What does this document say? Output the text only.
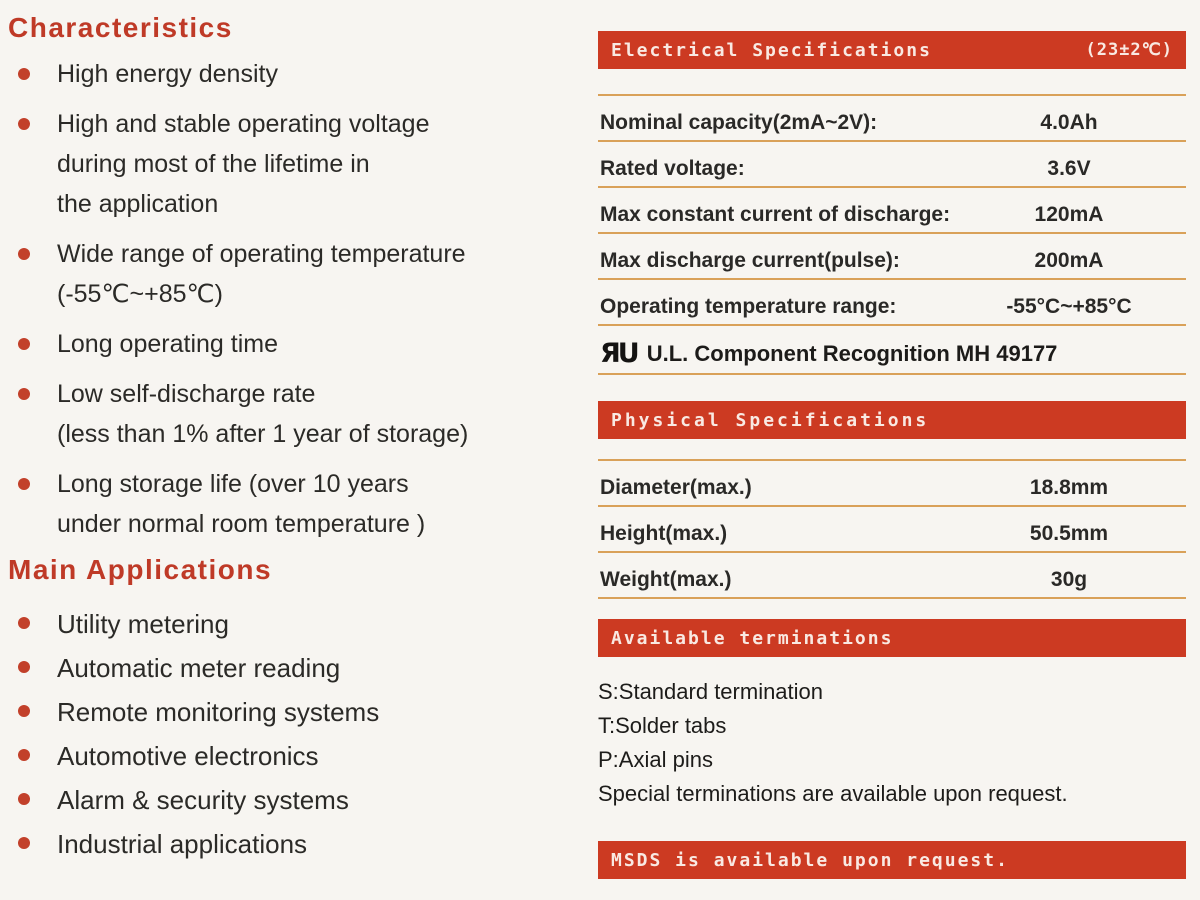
Characteristics
High energy density
High and stable operating voltage
during most of the lifetime in
the application
Wide range of operating temperature
(-55℃~+85℃)
Long operating time
Low self-discharge rate
(less than 1% after 1 year of storage)
Long storage life (over 10 years
under normal room temperature )
Main Applications
Utility metering
Automatic meter reading
Remote monitoring systems
Automotive electronics
Alarm & security systems
Industrial applications
Electrical Specifications	(23±2℃)
Nominal capacity(2mA~2V):	4.0Ah
Rated voltage:	3.6V
Max constant current of discharge:	120mA
Max discharge current(pulse):	200mA
Operating temperature range:	-55°C~+85°C
ЯU U.L. Component Recognition MH 49177
Physical Specifications
Diameter(max.)	18.8mm
Height(max.)	50.5mm
Weight(max.)	30g
Available terminations
S:Standard termination
T:Solder tabs
P:Axial pins
Special terminations are available upon request.
MSDS is available upon request.
